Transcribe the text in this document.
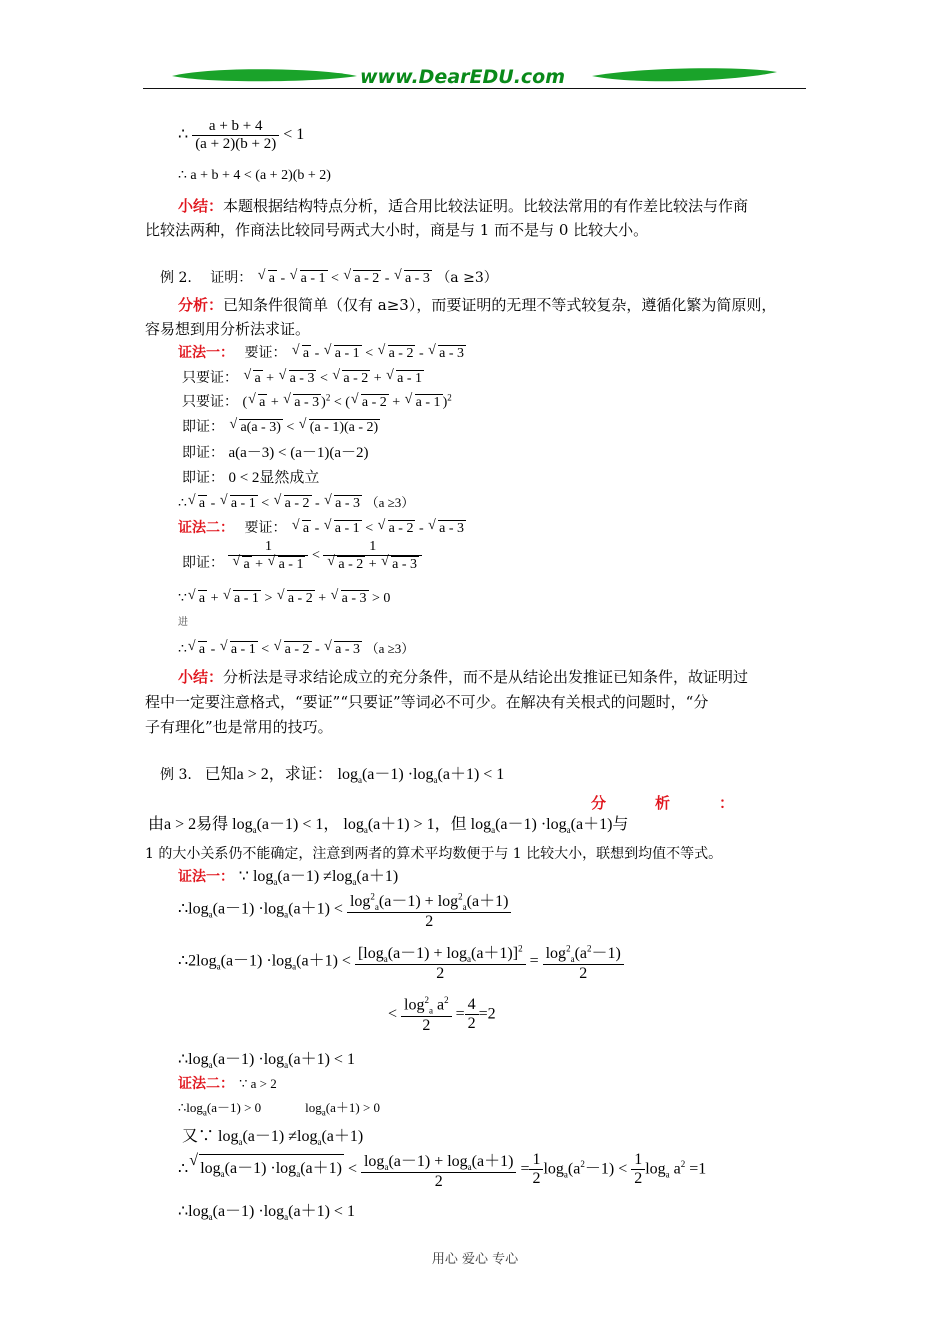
www.DearEDU.com
∴ $\frac{a + b + 4}{(a + 2)(b + 2)} < 1$
∴ a + b + 4 < (a + 2)(b + 2)
小结：本题根据结构特点分析，适合用比较法证明。比较法常用的有作差比较法与作商
比较法两种，作商法比较同号两式大小时，商是与 1 而不是与 0 比较大小。
例 2. 证明： √ a - √ a - 1 < √ a - 2 - √ a - 3 （a ≥3）
分析：已知条件很简单（仅有 a≥3），而要证明的无理不等式较复杂，遵循化繁为简原则，
容易想到用分析法求证。
证法一： 要证： √ a - √ a - 1 < √ a - 2 - √ a - 3
只要证： √ a + √ a - 3 < √ a - 2 + √ a - 1
只要证： ( √ a + √ a - 3 )$^2$ < ( √ a - 2 + √ a - 1 )$^2$
即证： √ a(a - 3) < √ (a - 1)(a - 2)
即证： a(a－3) < (a－1)(a－2)
即证： 0 < 2显然成立
∴ √ a - √ a - 1 < √ a - 2 - √ a - 3 （a ≥3）
证法二： 要证： √ a - √ a - 1 < √ a - 2 - √ a - 3
即证： 1
√ a + √ a - 1 < 1
√ a - 2 + √ a - 3
∵ √ a + √ a - 1 > √ a - 2 + √ a - 3 > 0
进
∴ √ a - √ a - 1 < √ a - 2 - √ a - 3 （a ≥3）
小结：分析法是寻求结论成立的充分条件，而不是从结论出发推证已知条件，故证明过
程中一定要注意格式，“要证”“只要证”等词必不可少。在解决有关根式的问题时，“分
子有理化”也是常用的技巧。
例 3. 已知a > 2，求证： $\log_a(a-1) \cdot\log_a(a+1) < 1$
分　　　析　　　：
由a > 2易得 $\log_a(a-1) < 1$， $\log_a(a+1) > 1$，但 $\log_a(a-1) \cdot\log_a(a+1)$与
1 的大小关系仍不能确定，注意到两者的算术平均数便于与 1 比较大小，联想到均值不等式。
证法一： ∵ $\log_a(a-1) \ne\log_a(a+1)$
$\therefore\log_a(a-1) \cdot\log_a(a+1) < \frac{\log^2_a(a-1) + \log^2_a(a+1)}{2}$
$\therefore 2\log_a(a-1) \cdot\log_a(a+1) < \frac{[\log_a(a-1) + \log_a(a+1)]^2}{2} = \frac{\log^2_a(a^2-1)}{2}$
< $\frac{\log^2_a a^2}{2} = \frac{4}{2} =2$
$\therefore\log_a(a-1) \cdot\log_a(a+1) < 1$
证法二： ∵ a > 2
$\therefore\log_a(a-1) > 0$	$\log_a(a+1) > 0$
又∵ $\log_a(a-1) \ne\log_a(a+1)$
∴ √ $\log_a(a-1) \cdot\log_a(a+1) < \frac{\log_a(a-1) + \log_a(a+1)}{2} = \frac{1}{2} \log_a(a^2-1) < \frac{1}{2} \log_a a^2 =1$
$\therefore\log_a(a-1) \cdot\log_a(a+1) < 1$
用心 爱心 专心
